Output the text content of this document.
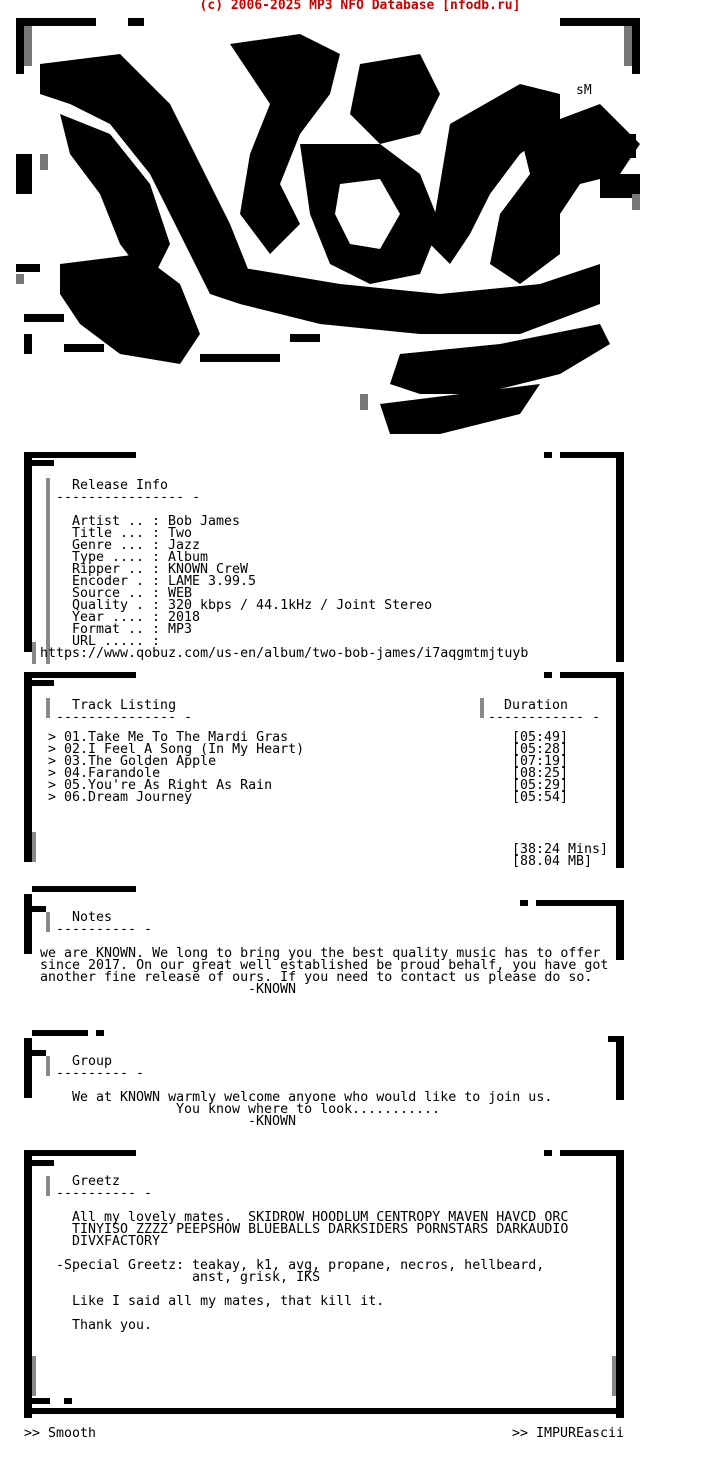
(c) 2006-2025 MP3 NFO Database [nfodb.ru]
sM
Release Info
---------------- -
Artist .. : Bob James
Title ... : Two
Genre ... : Jazz
Type .... : Album
Ripper .. : KNOWN CreW
Encoder . : LAME 3.99.5
Source .. : WEB
Quality . : 320 kbps / 44.1kHz / Joint Stereo
Year .... : 2018
Format .. : MP3
URL ..... :
https://www.qobuz.com/us-en/album/two-bob-james/i7aqgmtmjtuyb
Track Listing
--------------- -
Duration
------------ -
> 01.Take Me To The Mardi Gras	[05:49]
> 02.I Feel A Song (In My Heart)	[05:28]
> 03.The Golden Apple	[07:19]
> 04.Farandole	[08:25]
> 05.You're As Right As Rain	[05:29]
> 06.Dream Journey	[05:54]
[38:24 Mins]
[88.04 MB]
Notes
---------- -
we are KNOWN. We long to bring you the best quality music has to offer
since 2017. On our great well established be proud behalf, you have got
another fine release of ours. If you need to contact us please do so.
-KNOWN
Group
--------- -
We at KNOWN warmly welcome anyone who would like to join us.
You know where to look...........
-KNOWN
Greetz
---------- -
All my lovely mates.  SKIDROW HOODLUM CENTROPY MAVEN HAVCD ORC
TINYISO ZZZZ PEEPSHOW BLUEBALLS DARKSIDERS PORNSTARS DARKAUDIO
DIVXFACTORY
-Special Greetz: teakay, k1, avg, propane, necros, hellbeard,
anst, grisk, IKS
Like I said all my mates, that kill it.
Thank you.
>> Smooth	>> IMPUREascii
